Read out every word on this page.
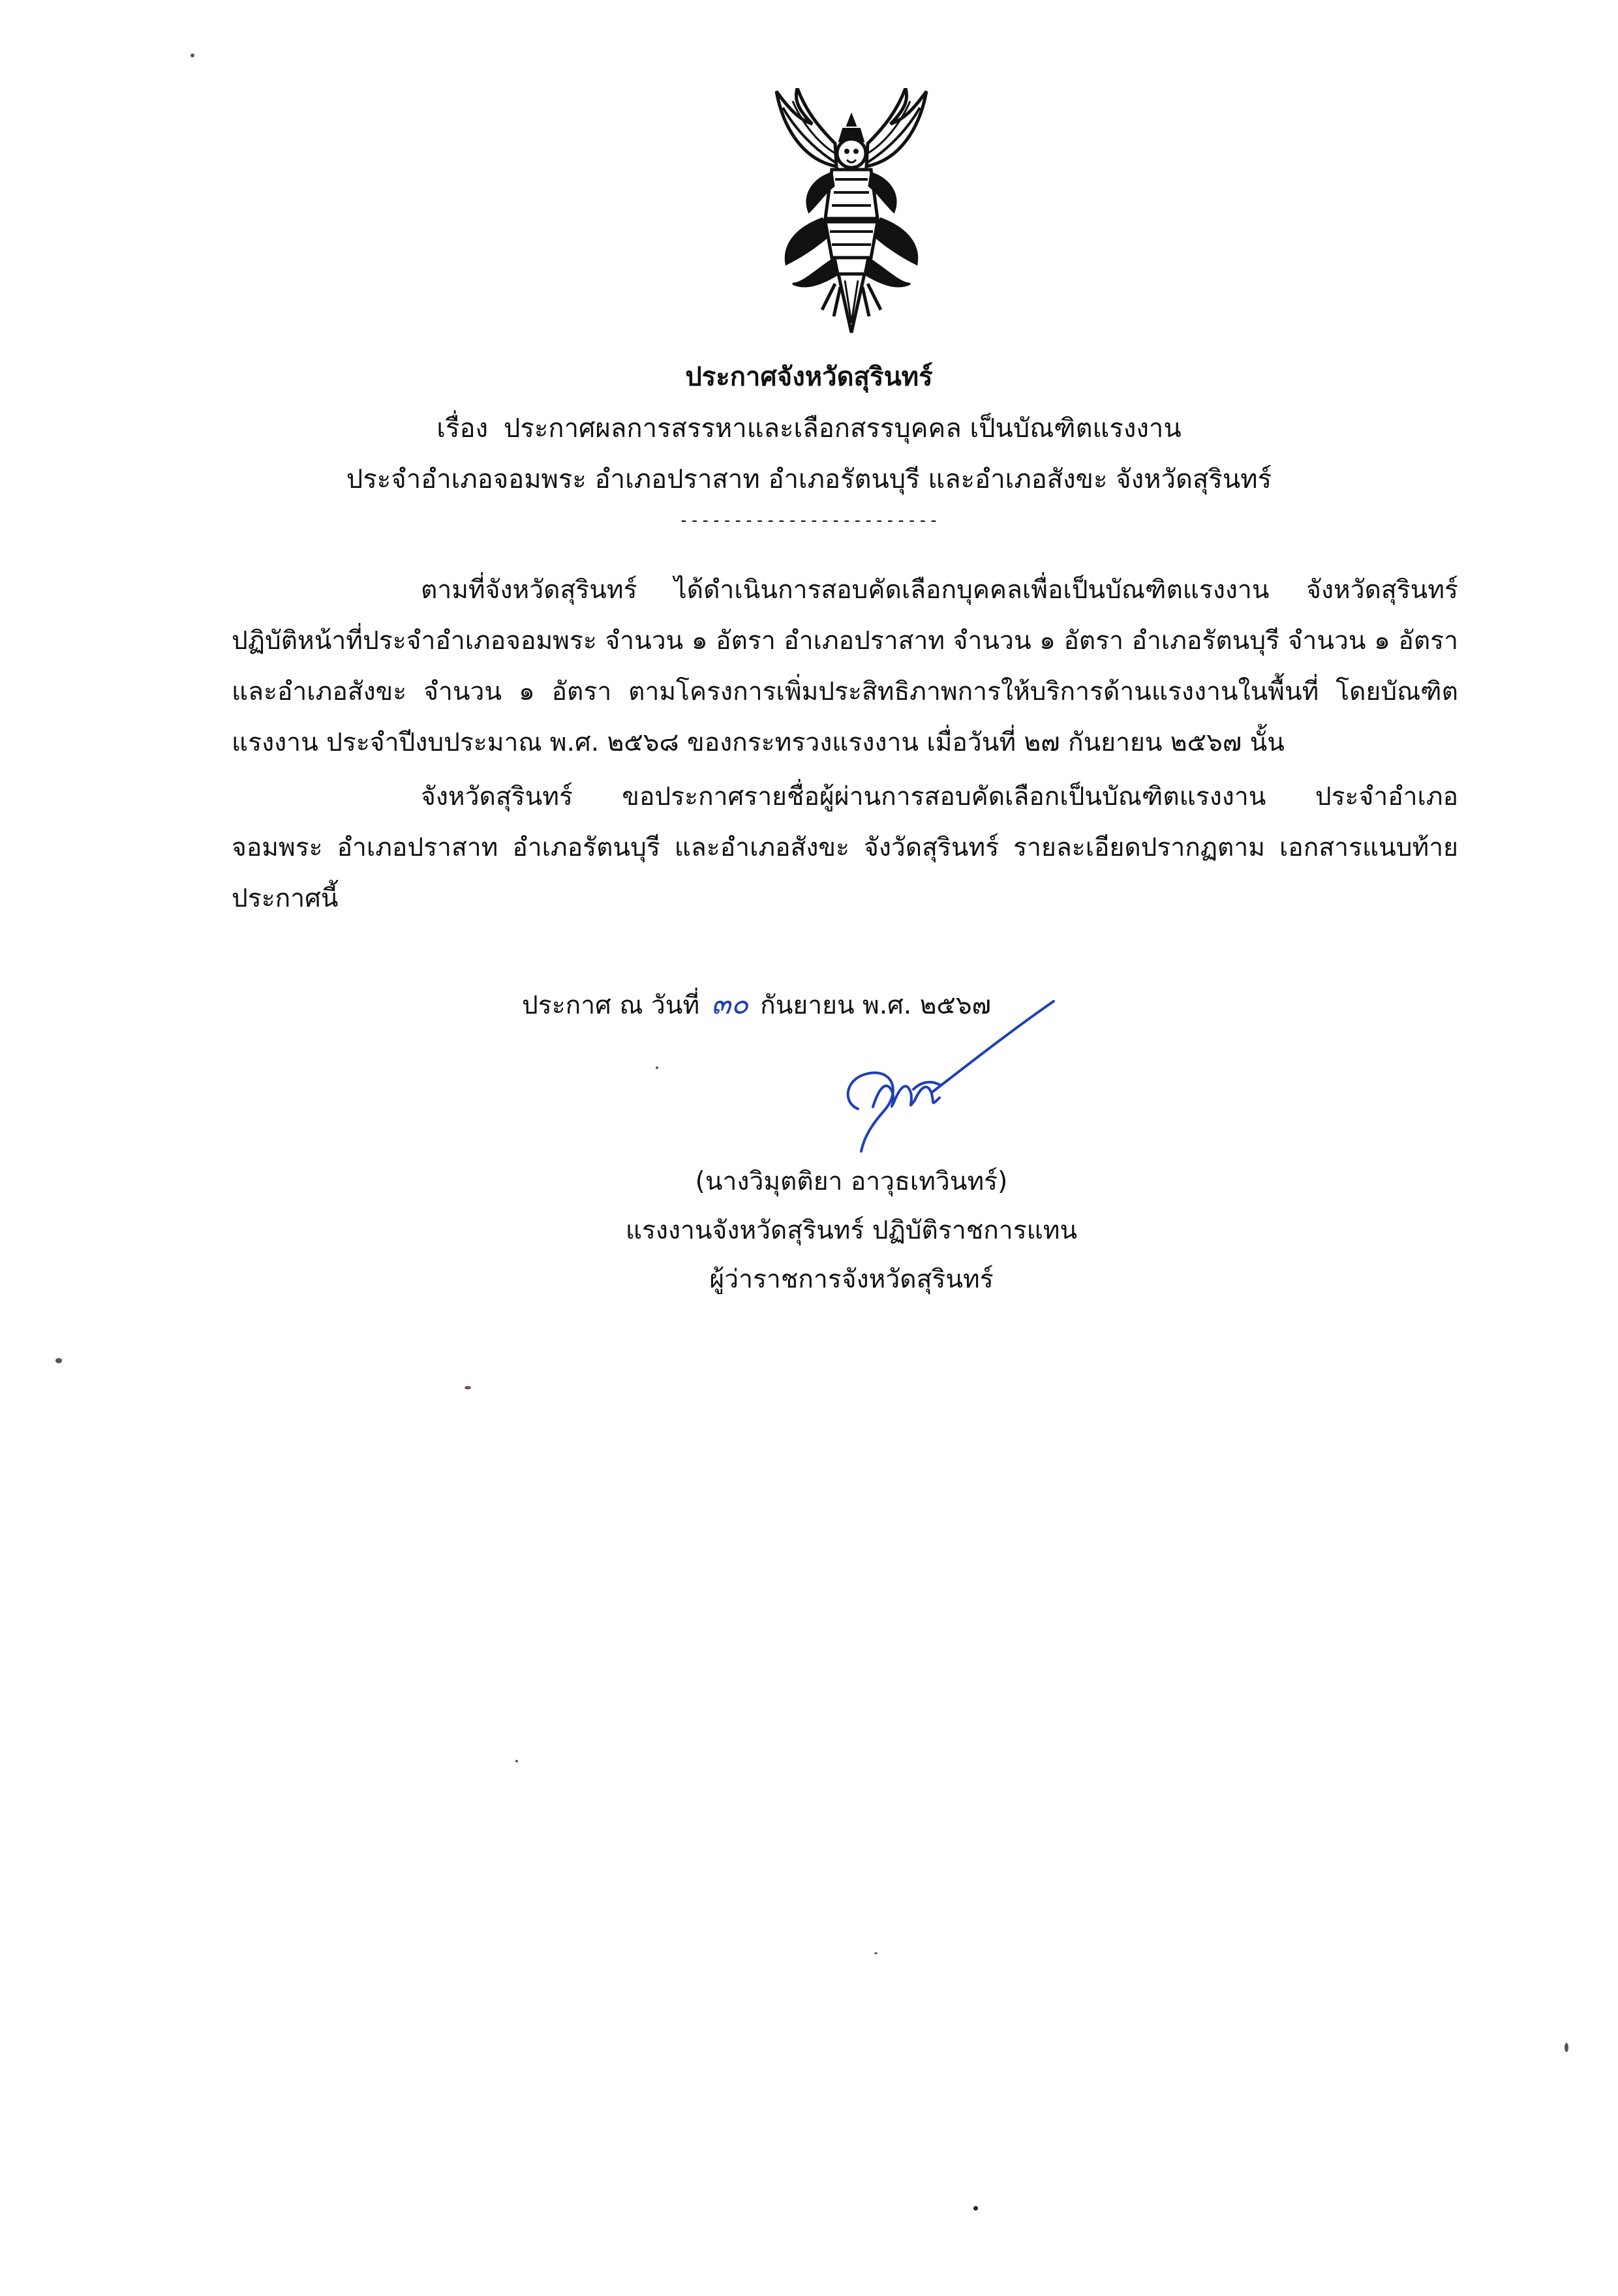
ประกาศจังหวัดสุรินทร์

เรื่อง ประกาศผลการสรรหาและเลือกสรรบุคคล เป็นบัณฑิตแรงงาน

ประจำอำเภอจอมพระ อำเภอปราสาท อำเภอรัตนบุรี และอำเภอสังขะ จังหวัดสุรินทร์

------------------------

ตามที่จังหวัดสุรินทร์ ได้ดำเนินการสอบคัดเลือกบุคคลเพื่อเป็นบัณฑิตแรงงาน จังหวัดสุรินทร์ ปฏิบัติหน้าที่ประจำอำเภอจอมพระ จำนวน ๑ อัตรา อำเภอปราสาท จำนวน ๑ อัตรา อำเภอรัตนบุรี จำนวน ๑ อัตรา และอำเภอสังขะ จำนวน ๑ อัตรา ตามโครงการเพิ่มประสิทธิภาพการให้บริการด้านแรงงานในพื้นที่ โดยบัณฑิตแรงงาน ประจำปีงบประมาณ พ.ศ. ๒๕๖๘ ของกระทรวงแรงงาน เมื่อวันที่ ๒๗ กันยายน ๒๕๖๗ นั้น

จังหวัดสุรินทร์ ขอประกาศรายชื่อผู้ผ่านการสอบคัดเลือกเป็นบัณฑิตแรงงาน ประจำอำเภอจอมพระ อำเภอปราสาท อำเภอรัตนบุรี และอำเภอสังขะ จังวัดสุรินทร์ รายละเอียดปรากฏตาม เอกสารแนบท้ายประกาศนี้

ประกาศ ณ วันที่ ๓๐ กันยายน พ.ศ. ๒๕๖๗
(นางวิมุตติยา อาวุธเทวินทร์)
แรงงานจังหวัดสุรินทร์ ปฏิบัติราชการแทน
ผู้ว่าราชการจังหวัดสุรินทร์
